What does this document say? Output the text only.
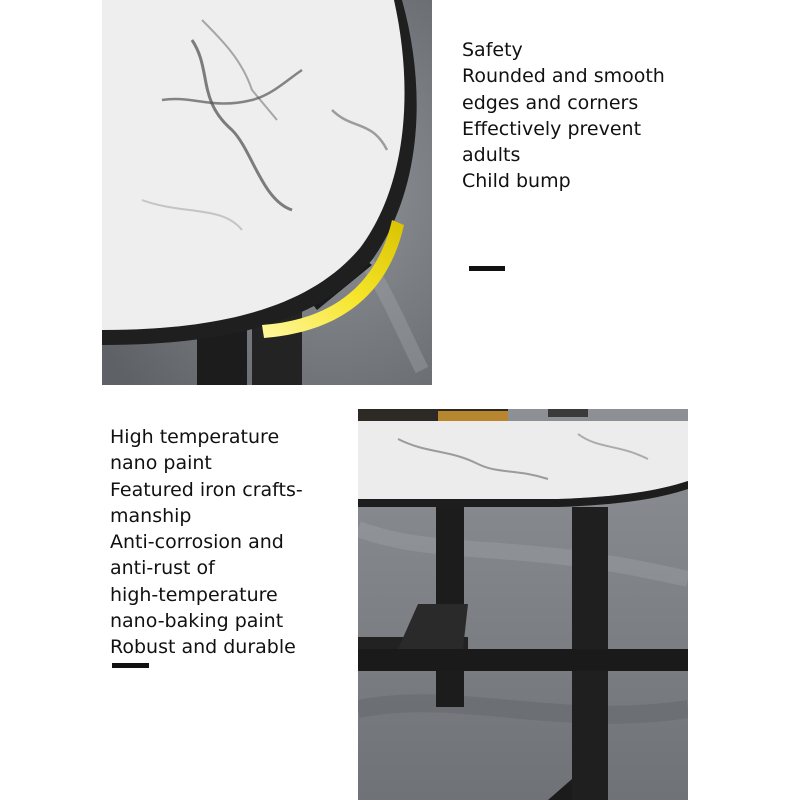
Safety
Rounded and smooth
edges and corners
Effectively prevent
adults
Child bump
High temperature
nano paint
Featured iron crafts-
manship
Anti-corrosion and
anti-rust of
high-temperature
nano-baking paint
Robust and durable
